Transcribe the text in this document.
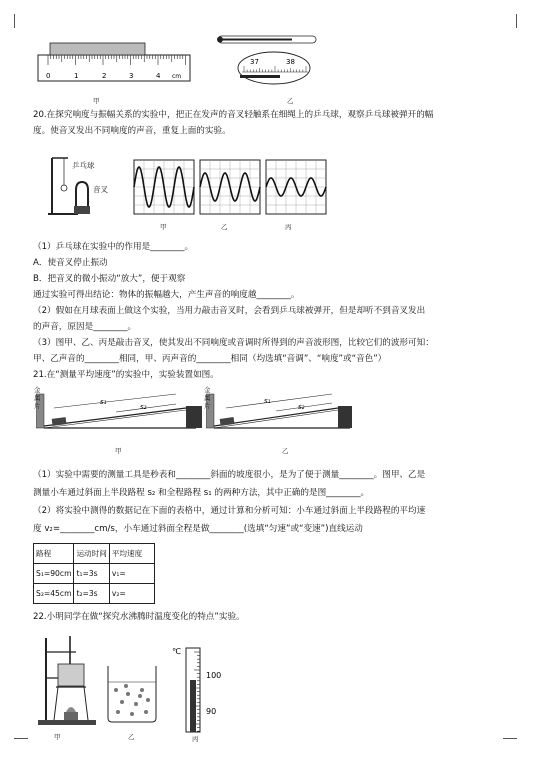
0	1	2	3	4 cm
甲
37	38
乙
20.在探究响度与振幅关系的实验中，把正在发声的音叉轻触系在细绳上的乒乓球，观察乒乓球被弹开的幅
度。使音叉发出不同响度的声音，重复上面的实验。
乒乓球
音叉
甲	乙	丙
（1）乒乓球在实验中的作用是________。
A．使音叉停止振动
B．把音叉的微小振动“放大”，便于观察
通过实验可得出结论：物体的振幅越大，产生声音的响度越________。
（2）假如在月球表面上做这个实验，当用力敲击音叉时，会看到乒乓球被弹开，但是却听不到音叉发出
的声音，原因是________。
（3）图甲、乙、丙是敲击音叉，使其发出不同响度或音调时所得到的声音波形图，比较它们的波形可知：
甲、乙声音的________相同，甲、丙声音的________相同（均选填“音调”、“响度”或“音色”）
21.在“测量平均速度”的实验中，实验装置如图。
s₁
s₂
金属片
甲
s₁
s₂
金属片
乙
（1）实验中需要的测量工具是秒表和________斜面的坡度很小，是为了便于测量________。图甲、乙是
测量小车通过斜面上半段路程 s₂ 和全程路程 s₁ 的两种方法，其中正确的是图________。
（2）将实验中测得的数据记在下面的表格中，通过计算和分析可知：小车通过斜面上半段路程的平均速
度 v₂=________cm/s，小车通过斜面全程是做________(选填“匀速”或“变速”)直线运动
路程	运动时间	平均速度
S₁=90cm	t₁=3s	v₁=
S₂=45cm	t₂=3s	v₂=
22.小明同学在做“探究水沸腾时温度变化的特点”实验。
甲	乙
℃
100
90
丙
